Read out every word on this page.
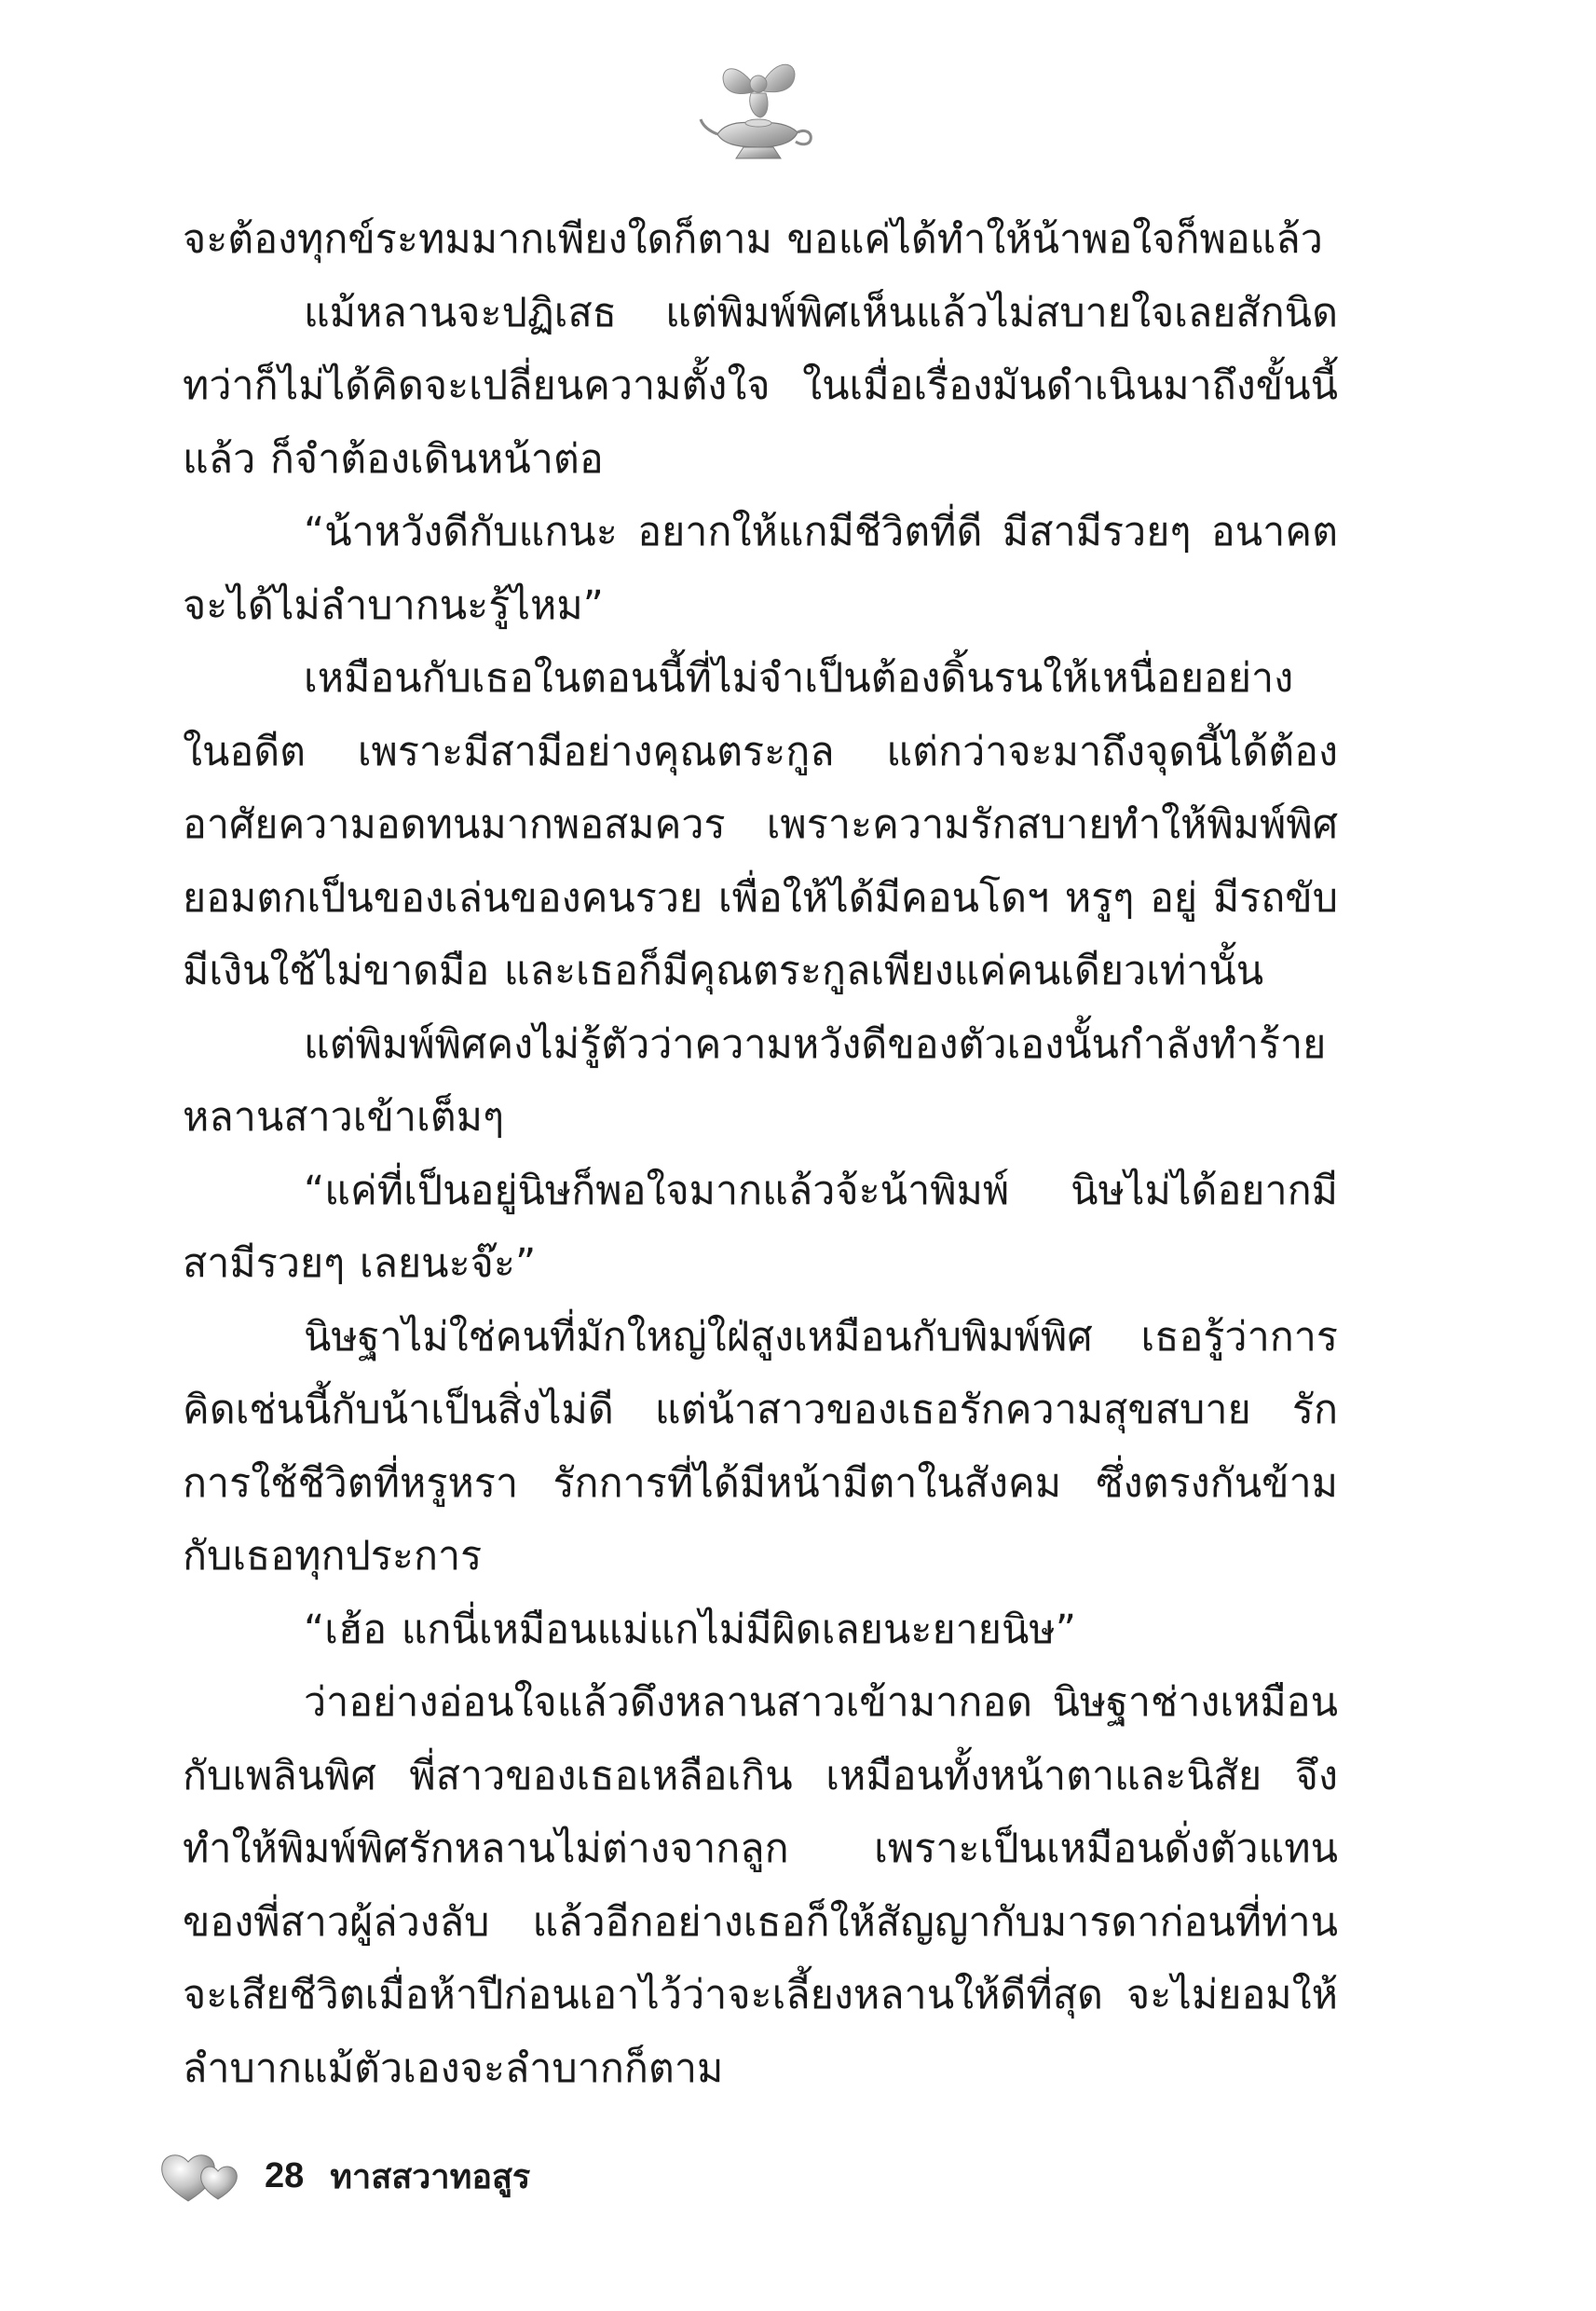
จะต้องทุกข์ระทมมากเพียงใดก็ตาม ขอแค่ได้ทำให้น้าพอใจก็พอแล้ว

แม้หลานจะปฏิเสธ แต่พิมพ์พิศเห็นแล้วไม่สบายใจเลยสักนิด ทว่าก็ไม่ได้คิดจะเปลี่ยนความตั้งใจ ในเมื่อเรื่องมันดำเนินมาถึงขั้นนี้แล้ว ก็จำต้องเดินหน้าต่อ

“น้าหวังดีกับแกนะ อยากให้แกมีชีวิตที่ดี มีสามีรวยๆ อนาคตจะได้ไม่ลำบากนะรู้ไหม”

เหมือนกับเธอในตอนนี้ที่ไม่จำเป็นต้องดิ้นรนให้เหนื่อยอย่างในอดีต เพราะมีสามีอย่างคุณตระกูล แต่กว่าจะมาถึงจุดนี้ได้ต้องอาศัยความอดทนมากพอสมควร เพราะความรักสบายทำให้พิมพ์พิศยอมตกเป็นของเล่นของคนรวย เพื่อให้ได้มีคอนโดฯ หรูๆ อยู่ มีรถขับมีเงินใช้ไม่ขาดมือ และเธอก็มีคุณตระกูลเพียงแค่คนเดียวเท่านั้น

แต่พิมพ์พิศคงไม่รู้ตัวว่าความหวังดีของตัวเองนั้นกำลังทำร้ายหลานสาวเข้าเต็มๆ

“แค่ที่เป็นอยู่นิษก็พอใจมากแล้วจ้ะน้าพิมพ์ นิษไม่ได้อยากมีสามีรวยๆ เลยนะจ๊ะ”

นิษฐาไม่ใช่คนที่มักใหญ่ใฝ่สูงเหมือนกับพิมพ์พิศ เธอรู้ว่าการคิดเช่นนี้กับน้าเป็นสิ่งไม่ดี แต่น้าสาวของเธอรักความสุขสบาย รักการใช้ชีวิตที่หรูหรา รักการที่ได้มีหน้ามีตาในสังคม ซึ่งตรงกันข้ามกับเธอทุกประการ

“เฮ้อ แกนี่เหมือนแม่แกไม่มีผิดเลยนะยายนิษ”

ว่าอย่างอ่อนใจแล้วดึงหลานสาวเข้ามากอด นิษฐาช่างเหมือนกับเพลินพิศ พี่สาวของเธอเหลือเกิน เหมือนทั้งหน้าตาและนิสัย จึงทำให้พิมพ์พิศรักหลานไม่ต่างจากลูก เพราะเป็นเหมือนดั่งตัวแทนของพี่สาวผู้ล่วงลับ แล้วอีกอย่างเธอก็ให้สัญญากับมารดาก่อนที่ท่านจะเสียชีวิตเมื่อห้าปีก่อนเอาไว้ว่าจะเลี้ยงหลานให้ดีที่สุด จะไม่ยอมให้ลำบากแม้ตัวเองจะลำบากก็ตาม

28 ทาสสวาทอสูร
